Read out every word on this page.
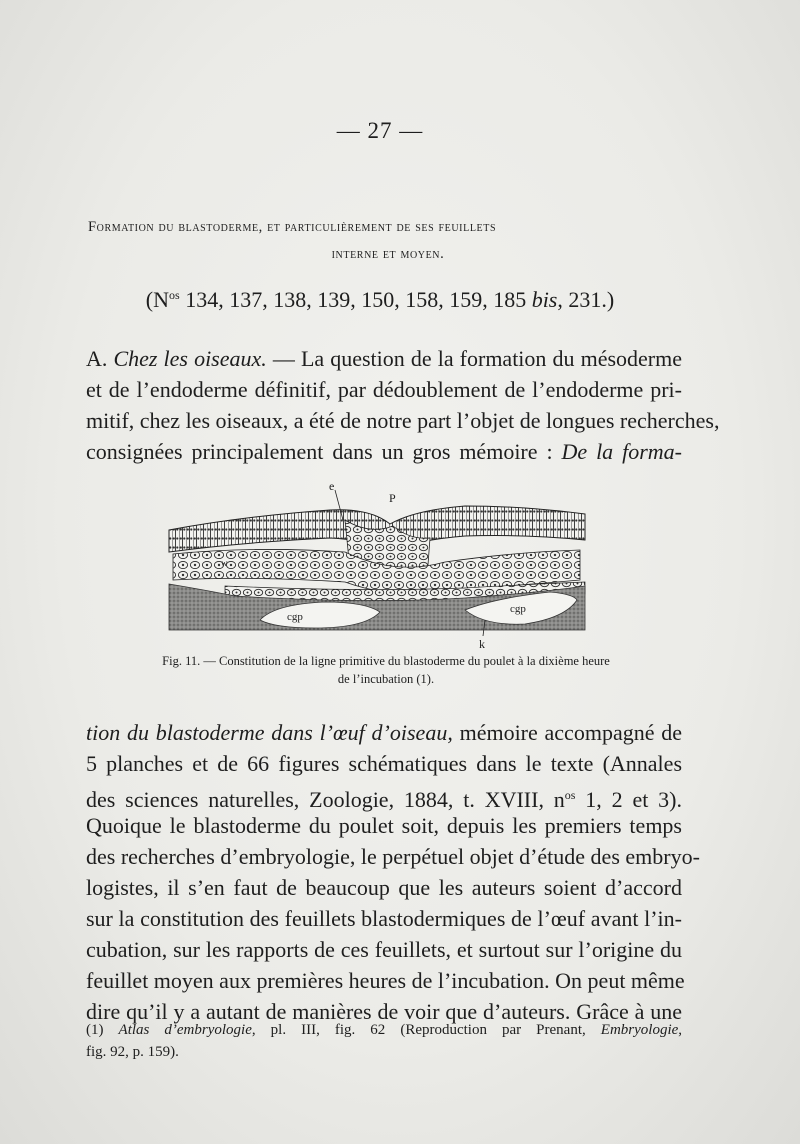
— 27 —
Formation du blastoderme, et particulièrement de ses feuillets
interne et moyen.
($N^{os}$ 134, 137, 138, 139, 150, 158, 159, 185 bis, 231.)
A. Chez les oiseaux. — La question de la formation du mésoderme
et de l’endoderme définitif, par dédoublement de l’endoderme pri-
mitif, chez les oiseaux, a été de notre part l’objet de longues recherches,
consignées principalement dans un gros mémoire : De la forma-
e
P
w
cgp
cgp
k
Fig. 11. — Constitution de la ligne primitive du blastoderme du poulet à la dixième heure
de l’incubation (1).
tion du blastoderme dans l’œuf d’oiseau, mémoire accompagné de
5 planches et de 66 figures schématiques dans le texte (Annales
des sciences naturelles, Zoologie, 1884, t. XVIII, $n^{os}$ 1, 2 et 3).
Quoique le blastoderme du poulet soit, depuis les premiers temps
des recherches d’embryologie, le perpétuel objet d’étude des embryo-
logistes, il s’en faut de beaucoup que les auteurs soient d’accord
sur la constitution des feuillets blastodermiques de l’œuf avant l’in-
cubation, sur les rapports de ces feuillets, et surtout sur l’origine du
feuillet moyen aux premières heures de l’incubation. On peut même
dire qu’il y a autant de manières de voir que d’auteurs. Grâce à une
(1) Atlas d’embryologie, pl. III, fig. 62 (Reproduction par Prenant, Embryologie,
fig. 92, p. 159).
